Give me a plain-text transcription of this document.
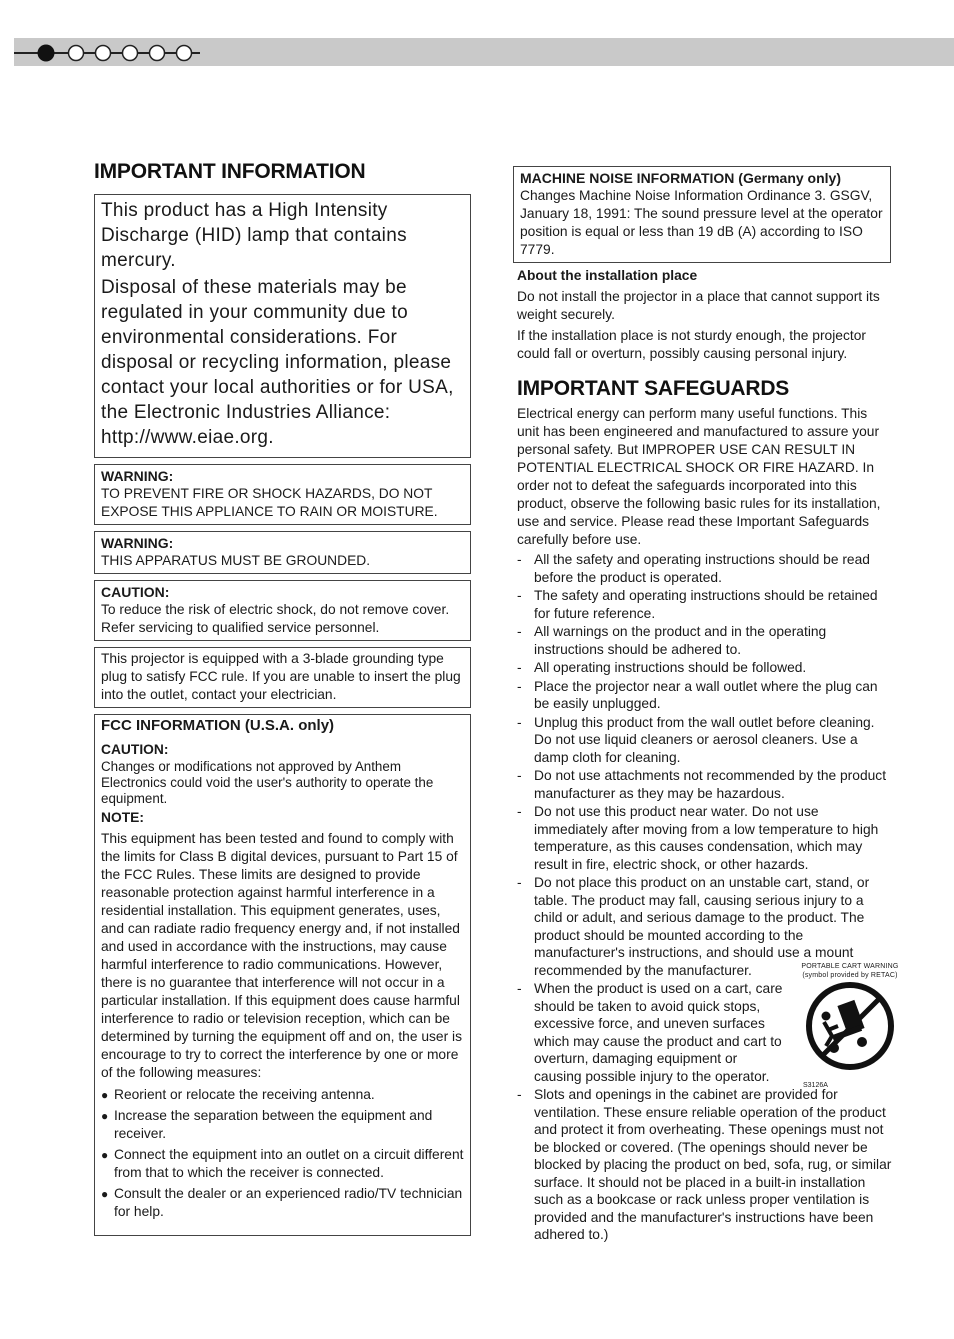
IMPORTANT INFORMATION

This product has a High Intensity Discharge (HID) lamp that contains mercury.

Disposal of these materials may be regulated in your community due to environmental considerations. For disposal or recycling information, please contact your local authorities or for USA, the Electronic Industries Alliance: http://www.eiae.org.

WARNING:

TO PREVENT FIRE OR SHOCK HAZARDS, DO NOT EXPOSE THIS APPLIANCE TO RAIN OR MOISTURE.

WARNING:

THIS APPARATUS MUST BE GROUNDED.

CAUTION:

To reduce the risk of electric shock, do not remove cover. Refer servicing to qualified service personnel.

This projector is equipped with a 3-blade grounding type plug to satisfy FCC rule. If you are unable to insert the plug into the outlet, contact your electrician.

FCC INFORMATION (U.S.A. only)
CAUTION:

Changes or modifications not approved by Anthem Electronics could void the user's authority to operate the equipment.

NOTE:

This equipment has been tested and found to comply with the limits for Class B digital devices, pursuant to Part 15 of the FCC Rules. These limits are designed to provide reasonable protection against harmful interference in a residential installation. This equipment generates, uses, and can radiate radio frequency energy and, if not installed and used in accordance with the instructions, may cause harmful interference to radio communications. However, there is no guarantee that interference will not occur in a particular installation. If this equipment does cause harmful interference to radio or television reception, which can be determined by turning the equipment off and on, the user is encourage to try to correct the interference by one or more of the following measures:

● Reorient or relocate the receiving antenna.
● Increase the separation between the equipment and receiver.
● Connect the equipment into an outlet on a circuit different from that to which the receiver is connected.
● Consult the dealer or an experienced radio/TV technician for help.
MACHINE NOISE INFORMATION (Germany only)

Changes Machine Noise Information Ordinance 3. GSGV, January 18, 1991: The sound pressure level at the operator position is equal or less than 19 dB (A) according to ISO 7779.

About the installation place

Do not install the projector in a place that cannot support its weight securely.

If the installation place is not sturdy enough, the projector could fall or overturn, possibly causing personal injury.

IMPORTANT SAFEGUARDS

Electrical energy can perform many useful functions. This unit has been engineered and manufactured to assure your personal safety. But IMPROPER USE CAN RESULT IN POTENTIAL ELECTRICAL SHOCK OR FIRE HAZARD. In order not to defeat the safeguards incorporated into this product, observe the following basic rules for its installation, use and service. Please read these Important Safeguards carefully before use.

- All the safety and operating instructions should be read before the product is operated.
- The safety and operating instructions should be retained for future reference.
- All warnings on the product and in the operating instructions should be adhered to.
- All operating instructions should be followed.
- Place the projector near a wall outlet where the plug can be easily unplugged.
- Unplug this product from the wall outlet before cleaning. Do not use liquid cleaners or aerosol cleaners. Use a damp cloth for cleaning.
- Do not use attachments not recommended by the product manufacturer as they may be hazardous.
- Do not use this product near water. Do not use immediately after moving from a low temperature to high temperature, as this causes condensation, which may result in fire, electric shock, or other hazards.
- Do not place this product on an unstable cart, stand, or table. The product may fall, causing serious injury to a child or adult, and serious damage to the product. The product should be mounted according to the manufacturer's instructions, and should use a mount recommended by the manufacturer.
-
PORTABLE CART WARNING
(symbol provided by RETAC)
S3126A
When the product is used on a cart, care should be taken to avoid quick stops, excessive force, and uneven surfaces which may cause the product and cart to overturn, damaging equipment or causing possible injury to the operator.
- Slots and openings in the cabinet are provided for ventilation. These ensure reliable operation of the product and protect it from overheating. These openings must not be blocked or covered. (The openings should never be blocked by placing the product on bed, sofa, rug, or similar surface. It should not be placed in a built-in installation such as a bookcase or rack unless proper ventilation is provided and the manufacturer's instructions have been adhered to.)
